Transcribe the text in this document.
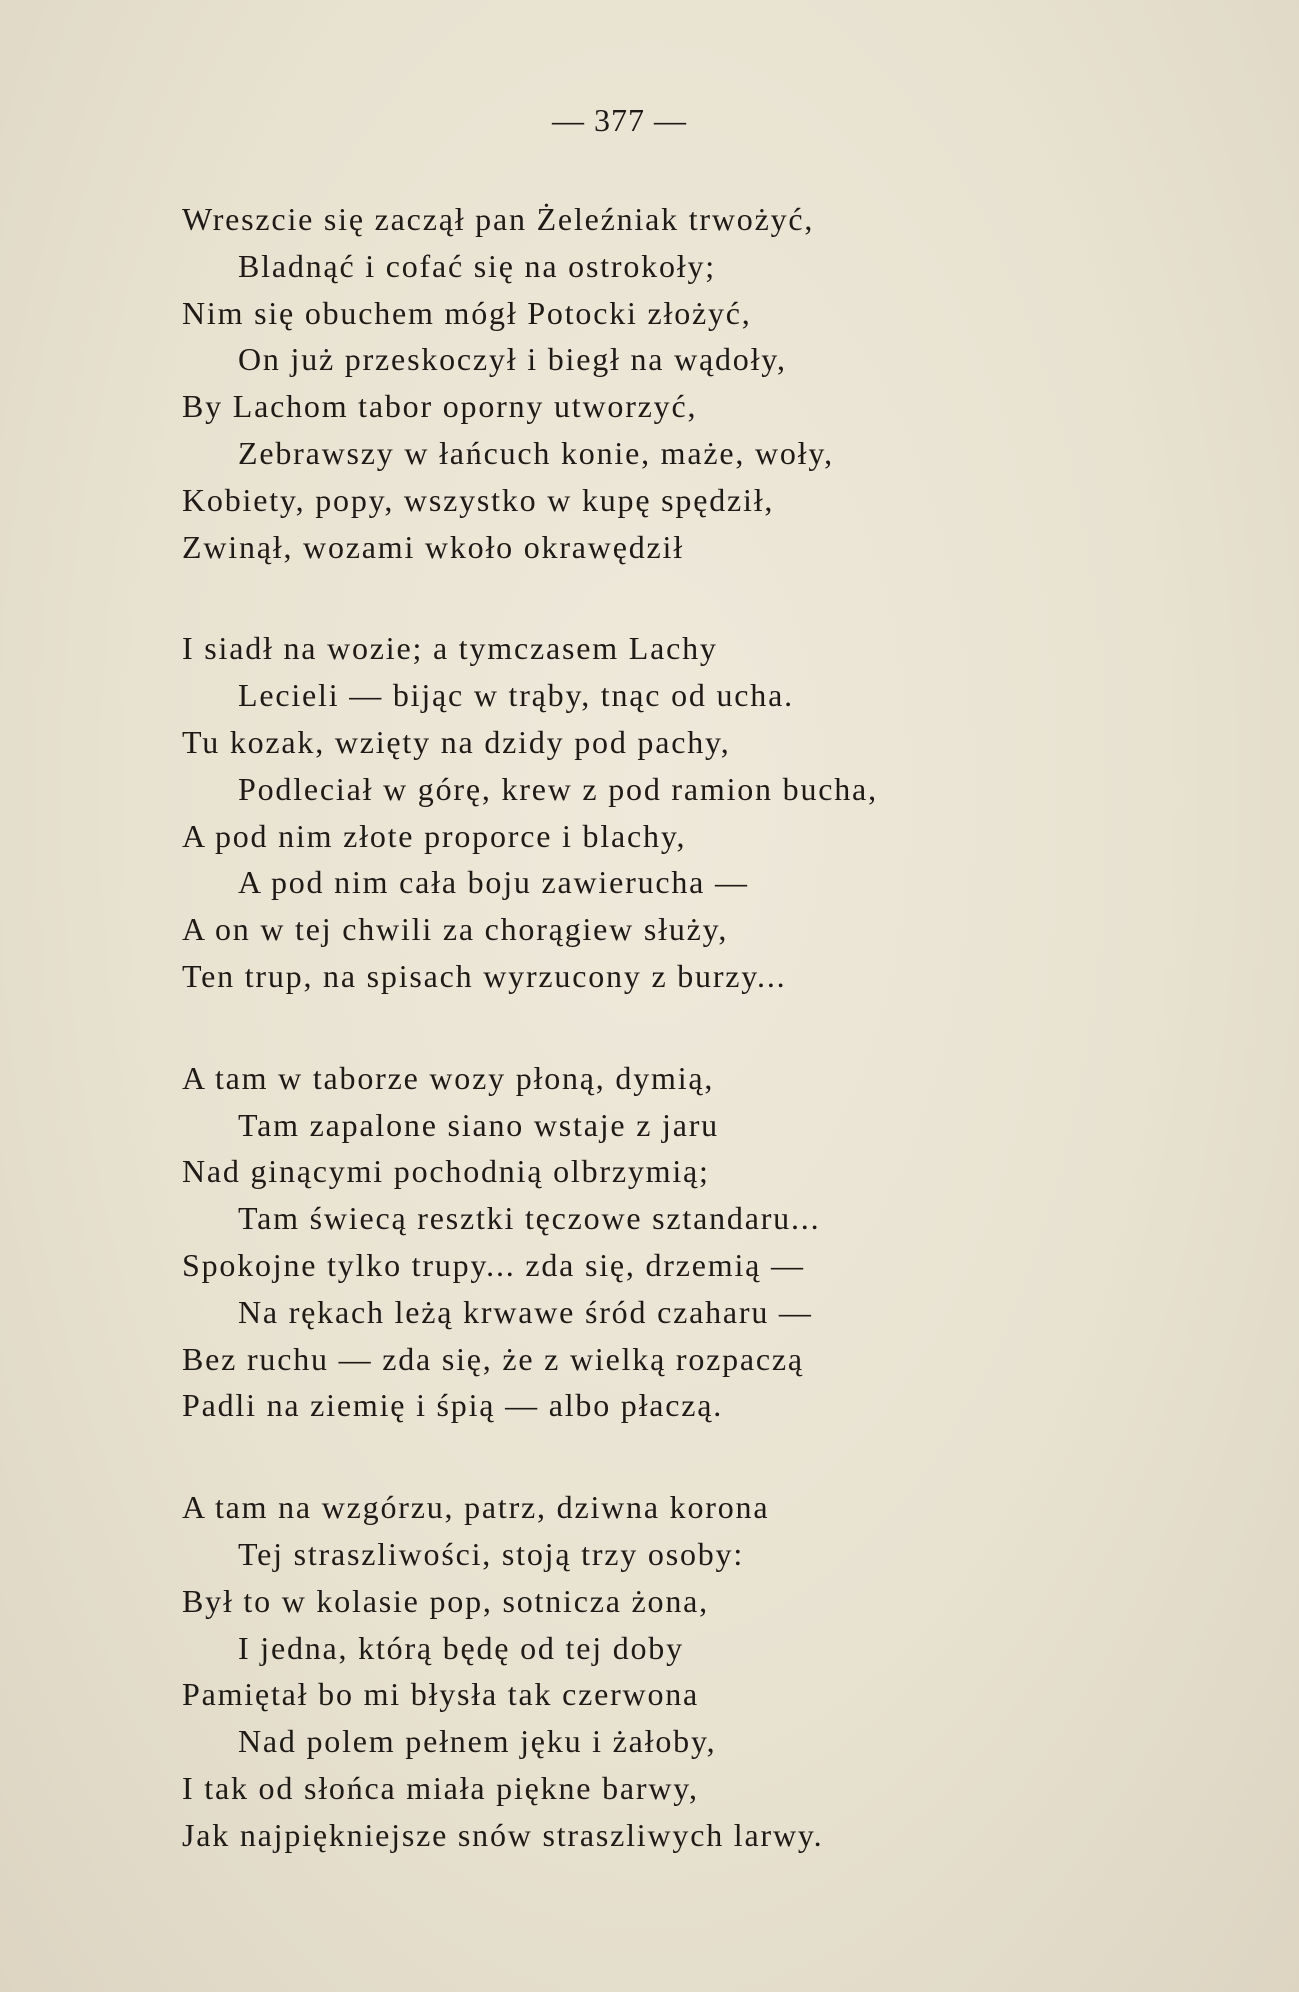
— 377 —
Wreszcie się zaczął pan Żeleźniak trwożyć,
Bladnąć i cofać się na ostrokoły;
Nim się obuchem mógł Potocki złożyć,
On już przeskoczył i biegł na wądoły,
By Lachom tabor oporny utworzyć,
Zebrawszy w łańcuch konie, maże, woły,
Kobiety, popy, wszystko w kupę spędził,
Zwinął, wozami wkoło okrawędził
I siadł na wozie; a tymczasem Lachy
Lecieli — bijąc w trąby, tnąc od ucha.
Tu kozak, wzięty na dzidy pod pachy,
Podleciał w górę, krew z pod ramion bucha,
A pod nim złote proporce i blachy,
A pod nim cała boju zawierucha —
A on w tej chwili za chorągiew służy,
Ten trup, na spisach wyrzucony z burzy...
A tam w taborze wozy płoną, dymią,
Tam zapalone siano wstaje z jaru
Nad ginącymi pochodnią olbrzymią;
Tam świecą resztki tęczowe sztandaru...
Spokojne tylko trupy... zda się, drzemią —
Na rękach leżą krwawe śród czaharu —
Bez ruchu — zda się, że z wielką rozpaczą
Padli na ziemię i śpią — albo płaczą.
A tam na wzgórzu, patrz, dziwna korona
Tej straszliwości, stoją trzy osoby:
Był to w kolasie pop, sotnicza żona,
I jedna, którą będę od tej doby
Pamiętał bo mi błysła tak czerwona
Nad polem pełnem jęku i żałoby,
I tak od słońca miała piękne barwy,
Jak najpiękniejsze snów straszliwych larwy.
